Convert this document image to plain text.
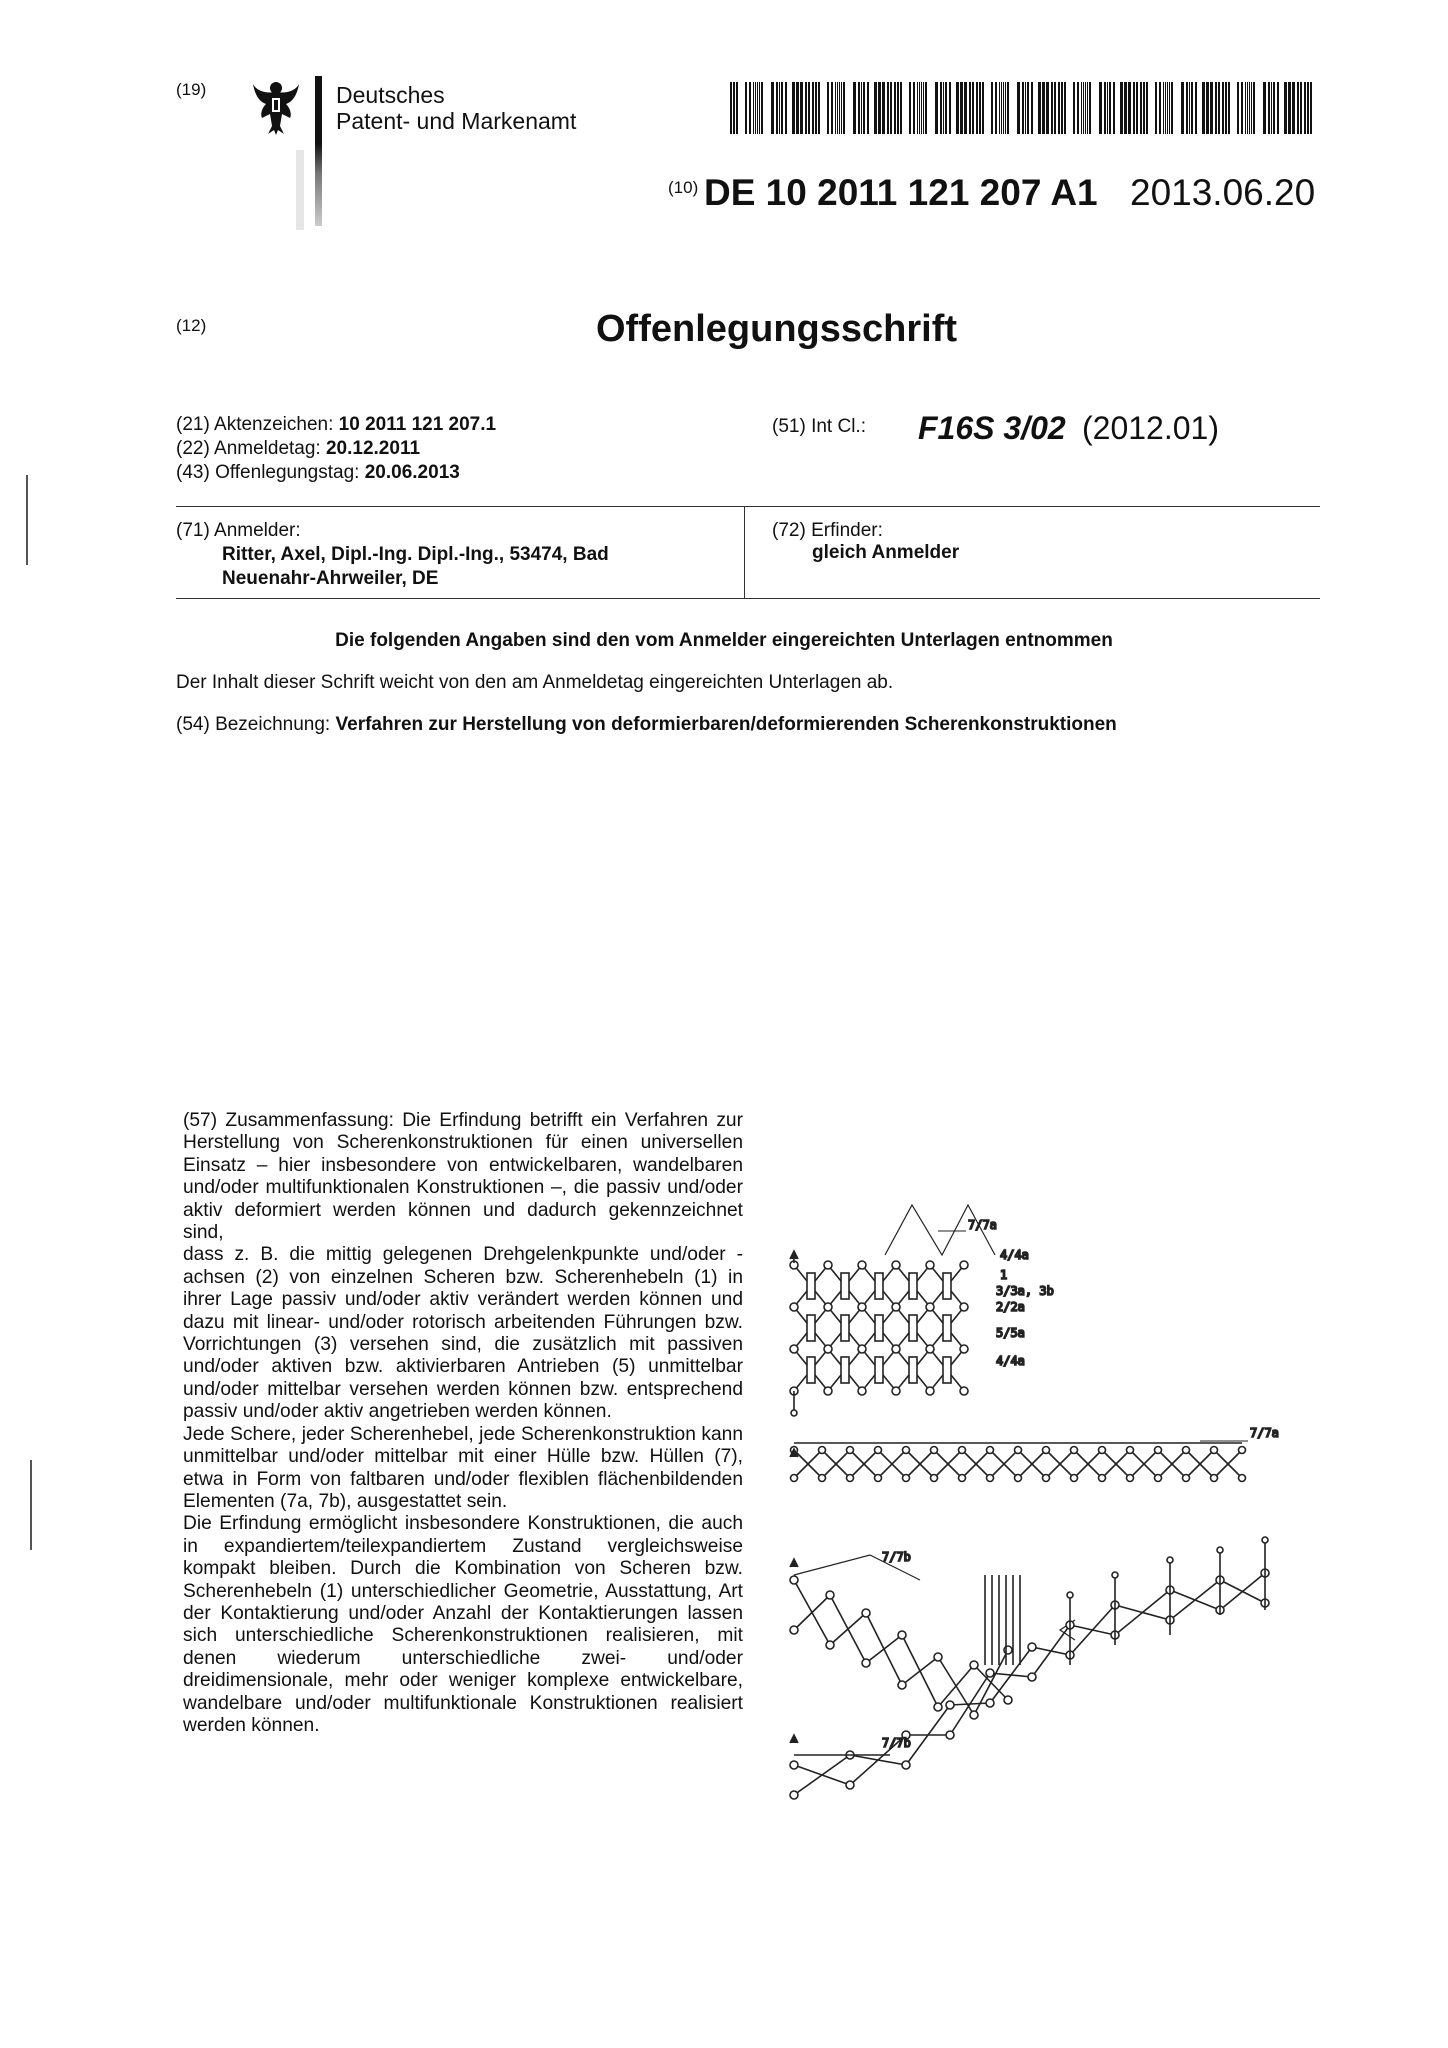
(19)	Deutsches
Patent- und Markenamt
(10) DE 10 2011 121 207 A1 2013.06.20
(12)	Offenlegungsschrift
(21) Aktenzeichen: 10 2011 121 207.1
(22) Anmeldetag: 20.12.2011
(43) Offenlegungstag: 20.06.2013
(51) Int Cl.: F16S 3/02 (2012.01)
(71) Anmelder:
Ritter, Axel, Dipl.-Ing. Dipl.-Ing., 53474, Bad
Neuenahr-Ahrweiler, DE
(72) Erfinder:
gleich Anmelder
Die folgenden Angaben sind den vom Anmelder eingereichten Unterlagen entnommen
Der Inhalt dieser Schrift weicht von den am Anmeldetag eingereichten Unterlagen ab.
(54) Bezeichnung: Verfahren zur Herstellung von deformierbaren/deformierenden Scherenkonstruktionen

(57) Zusammenfassung: Die Erfindung betrifft ein Verfahren zur Herstellung von Scherenkonstruktionen für einen universellen Einsatz – hier insbesondere von entwickelbaren, wandelbaren und/oder multifunktionalen Konstruktionen –, die passiv und/oder aktiv deformiert werden können und dadurch gekennzeichnet sind,

dass z. B. die mittig gelegenen Drehgelenkpunkte und/oder -achsen (2) von einzelnen Scheren bzw. Scherenhebeln (1) in ihrer Lage passiv und/oder aktiv verändert werden können und dazu mit linear- und/oder rotorisch arbeitenden Führungen bzw. Vorrichtungen (3) versehen sind, die zusätzlich mit passiven und/oder aktiven bzw. aktivierbaren Antrieben (5) unmittelbar und/oder mittelbar versehen werden können bzw. entsprechend passiv und/oder aktiv angetrieben werden können.

Jede Schere, jeder Scherenhebel, jede Scherenkonstruktion kann unmittelbar und/oder mittelbar mit einer Hülle bzw. Hüllen (7), etwa in Form von faltbaren und/oder flexiblen flächenbildenden Elementen (7a, 7b), ausgestattet sein.

Die Erfindung ermöglicht insbesondere Konstruktionen, die auch in expandiertem/teilexpandiertem Zustand vergleichsweise kompakt bleiben. Durch die Kombination von Scheren bzw. Scherenhebeln (1) unterschiedlicher Geometrie, Ausstattung, Art der Kontaktierung und/oder Anzahl der Kontaktierungen lassen sich unterschiedliche Scherenkonstruktionen realisieren, mit denen wiederum unterschiedliche zwei- und/oder dreidimensionale, mehr oder weniger komplexe entwickelbare, wandelbare und/oder multifunktionale Konstruktionen realisiert werden können.

7/7a
4/4a
1
3/3a, 3b
2/2a
5/5a
4/4a
7/7a
7/7b
7/7b
